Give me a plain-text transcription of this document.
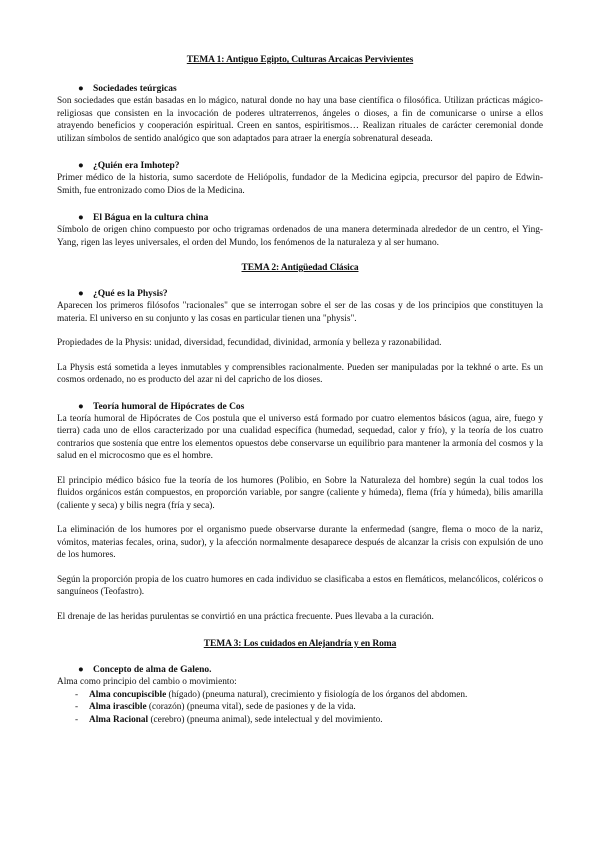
TEMA 1: Antiguo Egipto, Culturas Arcaicas Pervivientes
● Sociedades teúrgicas

Son sociedades que están basadas en lo mágico, natural donde no hay una base científica o filosófica. Utilizan prácticas mágico-religiosas que consisten en la invocación de poderes ultraterrenos, ángeles o dioses, a fin de comunicarse o unirse a ellos atrayendo beneficios y cooperación espiritual. Creen en santos, espiritismos… Realizan rituales de carácter ceremonial donde utilizan símbolos de sentido analógico que son adaptados para atraer la energía sobrenatural deseada.

● ¿Quién era Imhotep?

Primer médico de la historia, sumo sacerdote de Heliópolis, fundador de la Medicina egipcia, precursor del papiro de Edwin-Smith, fue entronizado como Dios de la Medicina.

● El Bágua en la cultura china

Símbolo de origen chino compuesto por ocho trigramas ordenados de una manera determinada alrededor de un centro, el Ying-Yang, rigen las leyes universales, el orden del Mundo, los fenómenos de la naturaleza y al ser humano.

TEMA 2: Antigüedad Clásica
● ¿Qué es la Physis?

Aparecen los primeros filósofos "racionales" que se interrogan sobre el ser de las cosas y de los principios que constituyen la materia. El universo en su conjunto y las cosas en particular tienen una "physis".

Propiedades de la Physis: unidad, diversidad, fecundidad, divinidad, armonía y belleza y razonabilidad.

La Physis está sometida a leyes inmutables y comprensibles racionalmente. Pueden ser manipuladas por la tekhné o arte. Es un cosmos ordenado, no es producto del azar ni del capricho de los dioses.

● Teoría humoral de Hipócrates de Cos

La teoría humoral de Hipócrates de Cos postula que el universo está formado por cuatro elementos básicos (agua, aire, fuego y tierra) cada uno de ellos caracterizado por una cualidad específica (humedad, sequedad, calor y frío), y la teoría de los cuatro contrarios que sostenía que entre los elementos opuestos debe conservarse un equilibrio para mantener la armonía del cosmos y la salud en el microcosmo que es el hombre.

El principio médico básico fue la teoría de los humores (Polibio, en Sobre la Naturaleza del hombre) según la cual todos los fluidos orgánicos están compuestos, en proporción variable, por sangre (caliente y húmeda), flema (fría y húmeda), bilis amarilla (caliente y seca) y bilis negra (fría y seca).

La eliminación de los humores por el organismo puede observarse durante la enfermedad (sangre, flema o moco de la nariz, vómitos, materias fecales, orina, sudor), y la afección normalmente desaparece después de alcanzar la crisis con expulsión de uno de los humores.

Según la proporción propia de los cuatro humores en cada individuo se clasificaba a estos en flemáticos, melancólicos, coléricos o sanguíneos (Teofastro).

El drenaje de las heridas purulentas se convirtió en una práctica frecuente. Pues llevaba a la curación.

TEMA 3: Los cuidados en Alejandría y en Roma
● Concepto de alma de Galeno.

Alma como principio del cambio o movimiento:

- Alma concupiscible (hígado) (pneuma natural), crecimiento y fisiología de los órganos del abdomen.
- Alma irascible (corazón) (pneuma vital), sede de pasiones y de la vida.
- Alma Racional (cerebro) (pneuma animal), sede intelectual y del movimiento.
